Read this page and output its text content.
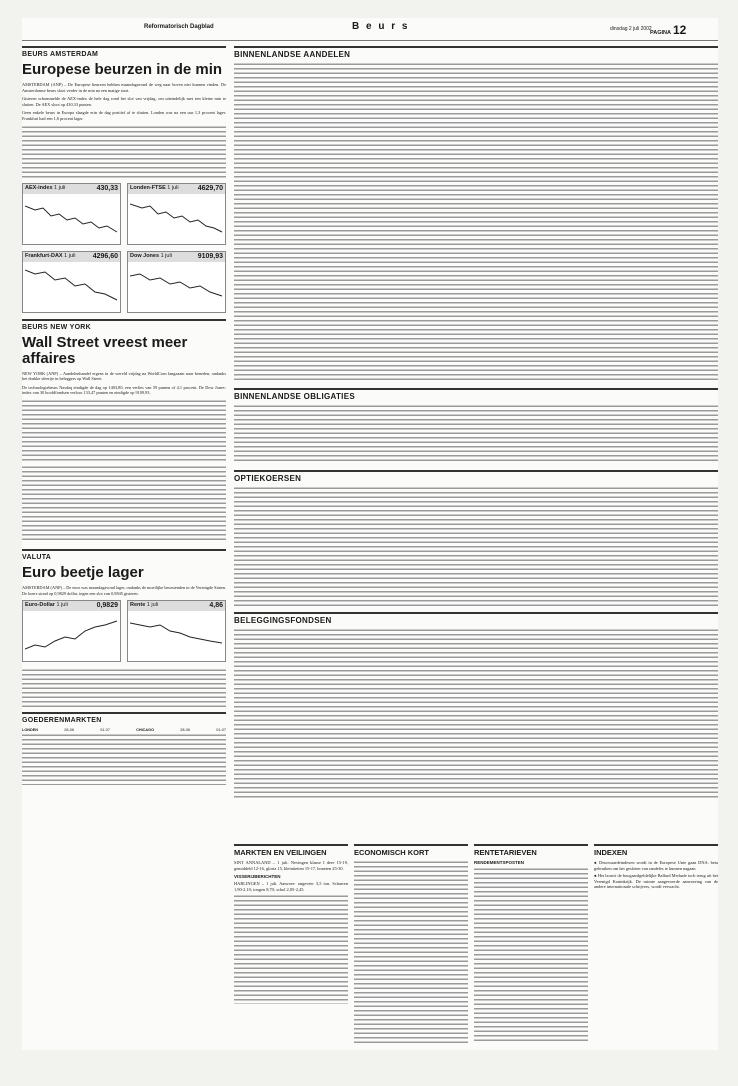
Reformatorisch Dagblad	B e u r s	dinsdag 2 juli 2002
PAGINA 12
BEURS AMSTERDAM
Europese beurzen in de min

AMSTERDAM (ANP) – De Europese beurzen hebben maandagavond de weg naar boven niet kunnen vinden. De Amsterdamse beurs sloot verder in de min na een matige start.

Gisteren schommelde de AEX-index de hele dag rond het slot van vrijdag, om uiteindelijk met een kleine min te sluiten. De AEX sloot op 430,33 punten.

Geen enkele beurs in Europa slaagde erin de dag positief af te sluiten. Londen was na een uur 1,3 procent lager. Frankfurt had een 1,6 procent lager.

AEX-index 1 juli	430,33	Londen-FTSE 1 juli	4629,70
Frankfurt-DAX 1 juli 4296,60	Dow Jones 1 juli	9109,93
BEURS NEW YORK
Wall Street vreest meer affaires

NEW YORK (ANP) – Aandelenhandel ergens in de wereld vrijdag na WorldCom langzaam naar beneden, ondanks het drukke sfeertje in beleggers op Wall Street.

De technologiebeurs Nasdaq eindigde de dag op 1403,80, een verlies van 59 punten of 4,1 procent. De Dow Jones-index van 30 hoofdfondsen verloor 133,47 punten en eindigde op 9109,93.

VALUTA
Euro beetje lager

AMSTERDAM (ANP) – De euro was maandagavond lager, ondanks de moeilijke beurstenden in de Verenigde Staten. De koers stond op 0,9829 dollar, tegen een slot van 0,9845 gisteren.

Euro-Dollar 1 juli	0,9829	Rente 1 juli	4,86
GOEDERENMARKTEN
LONDEN	28-06	01-07	CHICAGO	28-06	01-07
BINNENLANDSE AANDELEN
BINNENLANDSE OBLIGATIES
OPTIEKOERSEN
BELEGGINGSFONDSEN
MARKTEN EN VEILINGEN

SINT ANNALAND – 1 juli. Nevingen klasse I dere 15-19, gemiddeld 12-16, gloria 15, kleiniteiten 15-17, boneten 25-30.

VISSERIJBERICHTEN

HARLINGEN – 1 juli. Aanvoer: ongeveer 3,5 ton. Scharren 1,90-2,10; tongen 8,70; schol 2,05-2,45.

ECONOMISCH KORT	RENTETARIEVEN
RENDEMENTSPOSTEN
INDEXEN

● Deurwaardeindexen wordt in de Europese Unie gaan DNA: beta gebruiken om het gesloten van randeles te kunnen nagaan.

● Het bouwt de boogaardgeldelijke Ballard Medaale toch terug uit het Verenigd Koninkrijk. De ruimte aangevoerde aanvoering van de andere internationale schrijvers, wordt verwacht.
